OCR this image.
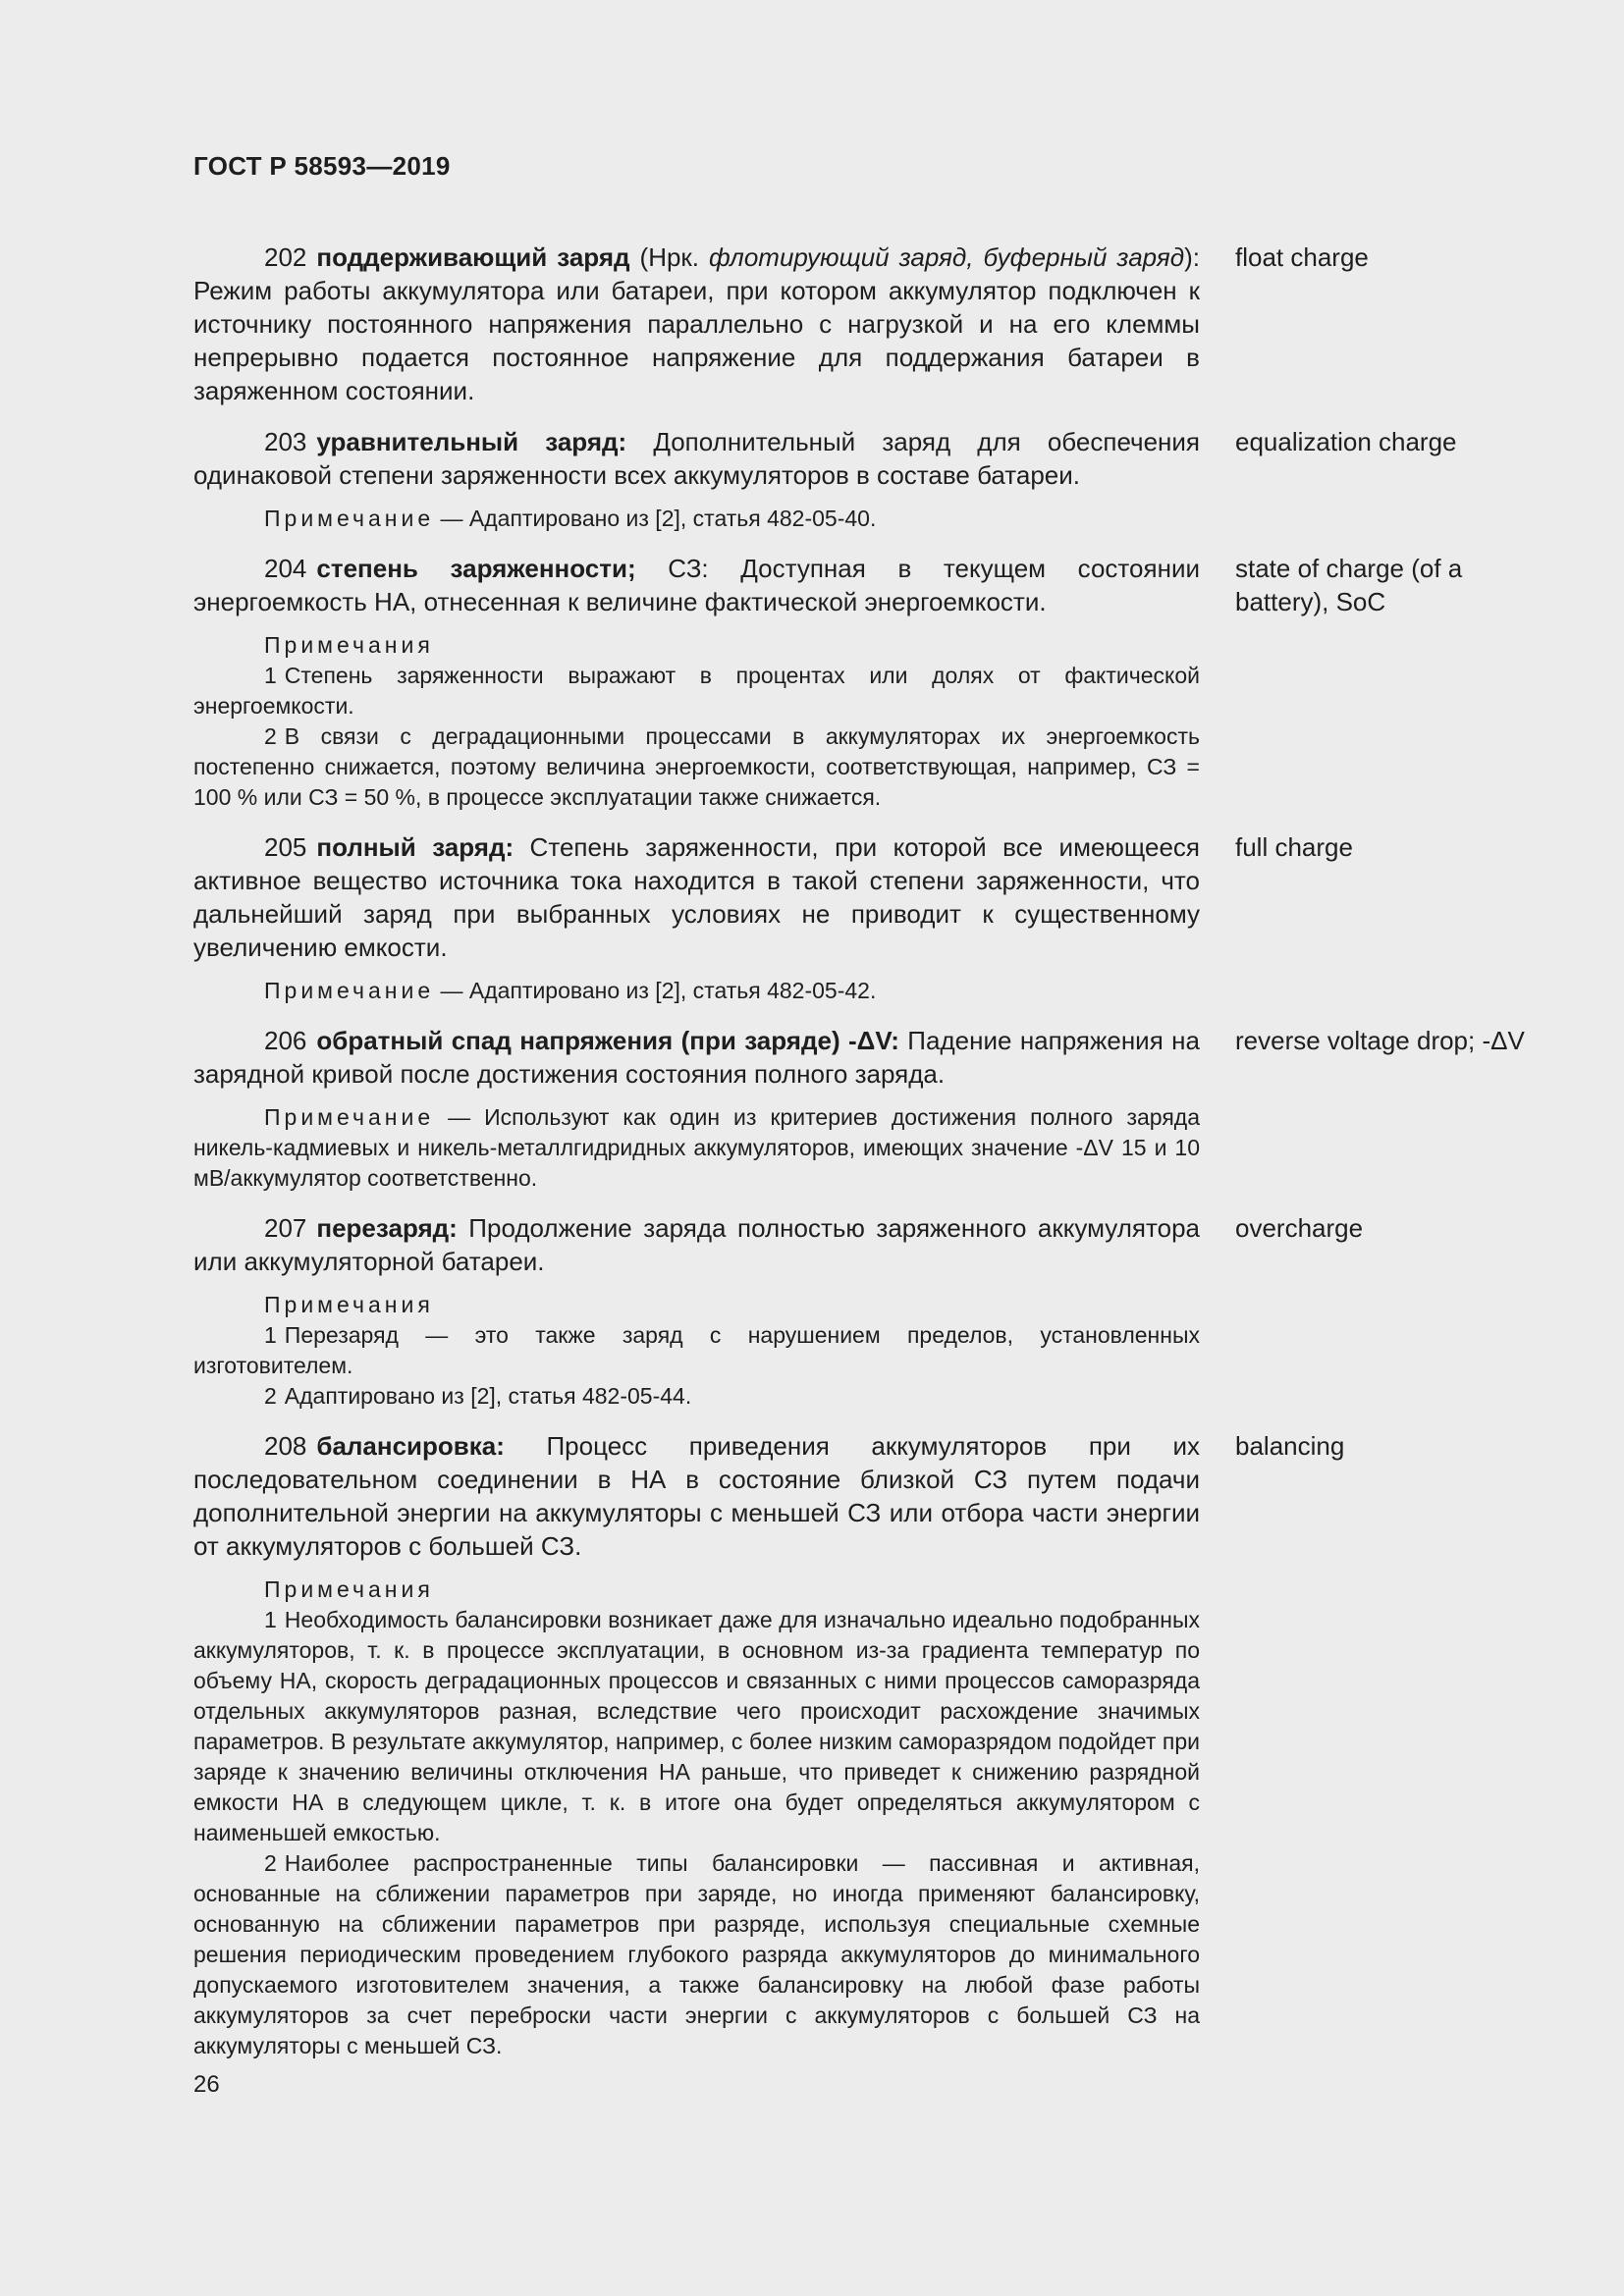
ГОСТ Р 58593—2019

202 поддерживающий заряд (Нрк. флотирующий заряд, буферный заряд): Режим работы аккумулятора или батареи, при котором аккумулятор подключен к источнику постоянного напряжения параллельно с нагрузкой и на его клеммы непрерывно подается постоянное напряжение для поддержания батареи в заряженном состоянии.

float charge

203 уравнительный заряд: Дополнительный заряд для обеспечения одинаковой степени заряженности всех аккумуляторов в составе батареи.

Примечание — Адаптировано из [2], статья 482-05-40.

equalization charge

204 степень заряженности; СЗ: Доступная в текущем состоянии энергоемкость НА, отнесенная к величине фактической энергоемкости.

Примечания

1 Степень заряженности выражают в процентах или долях от фактической энергоемкости.

2 В связи с деградационными процессами в аккумуляторах их энергоемкость постепенно снижается, поэтому величина энергоемкости, соответствующая, например, СЗ = 100 % или СЗ = 50 %, в процессе эксплуатации также снижается.

state of charge (of a battery), SoC

205 полный заряд: Степень заряженности, при которой все имеющееся активное вещество источника тока находится в такой степени заряженности, что дальнейший заряд при выбранных условиях не приводит к существенному увеличению емкости.

Примечание — Адаптировано из [2], статья 482-05-42.

full charge

206 обратный спад напряжения (при заряде) -ΔV: Падение напряжения на зарядной кривой после достижения состояния полного заряда.

Примечание — Используют как один из критериев достижения полного заряда никель-кадмиевых и никель-металлгидридных аккумуляторов, имеющих значение -ΔV 15 и 10 мВ/аккумулятор соответственно.

reverse voltage drop; -ΔV

207 перезаряд: Продолжение заряда полностью заряженного аккумулятора или аккумуляторной батареи.

Примечания

1 Перезаряд — это также заряд с нарушением пределов, установленных изготовителем.

2 Адаптировано из [2], статья 482-05-44.

overcharge

208 балансировка: Процесс приведения аккумуляторов при их последовательном соединении в НА в состояние близкой СЗ путем подачи дополнительной энергии на аккумуляторы с меньшей СЗ или отбора части энергии от аккумуляторов с большей СЗ.

Примечания

1 Необходимость балансировки возникает даже для изначально идеально подобранных аккумуляторов, т. к. в процессе эксплуатации, в основном из-за градиента температур по объему НА, скорость деградационных процессов и связанных с ними процессов саморазряда отдельных аккумуляторов разная, вследствие чего происходит расхождение значимых параметров. В результате аккумулятор, например, с более низким саморазрядом подойдет при заряде к значению величины отключения НА раньше, что приведет к снижению разрядной емкости НА в следующем цикле, т. к. в итоге она будет определяться аккумулятором с наименьшей емкостью.

2 Наиболее распространенные типы балансировки — пассивная и активная, основанные на сближении параметров при заряде, но иногда применяют балансировку, основанную на сближении параметров при разряде, используя специальные схемные решения периодическим проведением глубокого разряда аккумуляторов до минимального допускаемого изготовителем значения, а также балансировку на любой фазе работы аккумуляторов за счет переброски части энергии с аккумуляторов с большей СЗ на аккумуляторы с меньшей СЗ.

balancing
26
